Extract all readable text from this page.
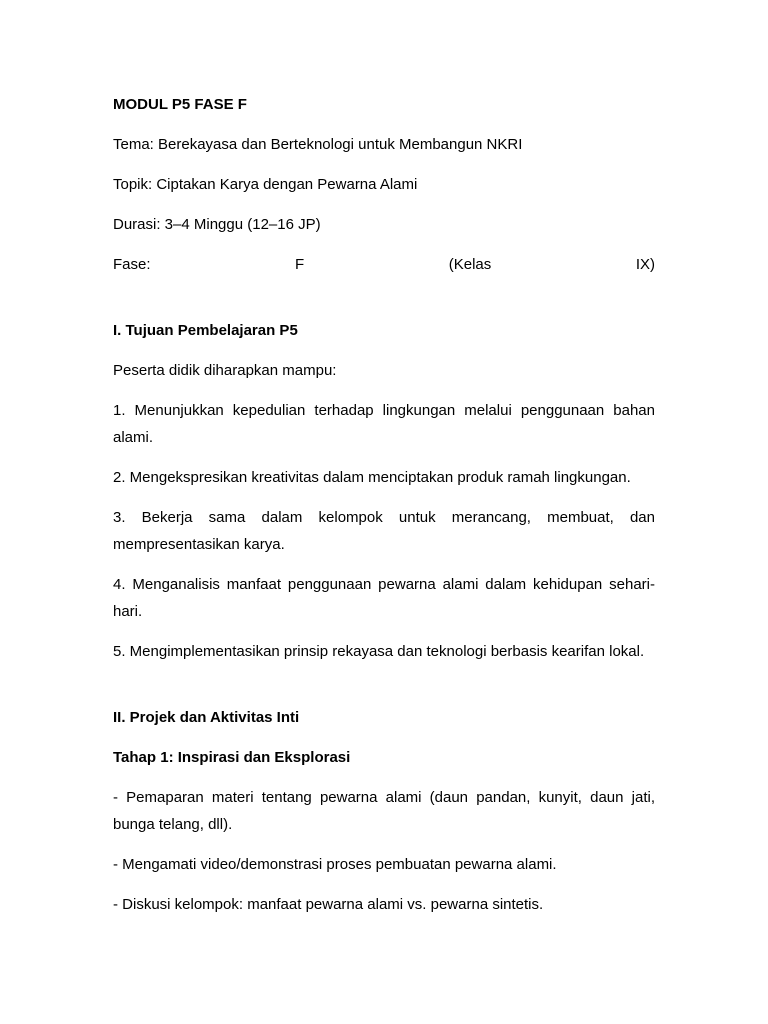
MODUL P5 FASE F
Tema: Berekayasa dan Berteknologi untuk Membangun NKRI
Topik: Ciptakan Karya dengan Pewarna Alami
Durasi: 3–4 Minggu (12–16 JP)
Fase:	F	(Kelas	IX)
I. Tujuan Pembelajaran P5
Peserta didik diharapkan mampu:
1. Menunjukkan kepedulian terhadap lingkungan melalui penggunaan bahan alami.
2. Mengekspresikan kreativitas dalam menciptakan produk ramah lingkungan.
3. Bekerja sama dalam kelompok untuk merancang, membuat, dan mempresentasikan karya.
4. Menganalisis manfaat penggunaan pewarna alami dalam kehidupan sehari-hari.
5. Mengimplementasikan prinsip rekayasa dan teknologi berbasis kearifan lokal.
II. Projek dan Aktivitas Inti
Tahap 1: Inspirasi dan Eksplorasi
- Pemaparan materi tentang pewarna alami (daun pandan, kunyit, daun jati, bunga telang, dll).
- Mengamati video/demonstrasi proses pembuatan pewarna alami.
- Diskusi kelompok: manfaat pewarna alami vs. pewarna sintetis.
